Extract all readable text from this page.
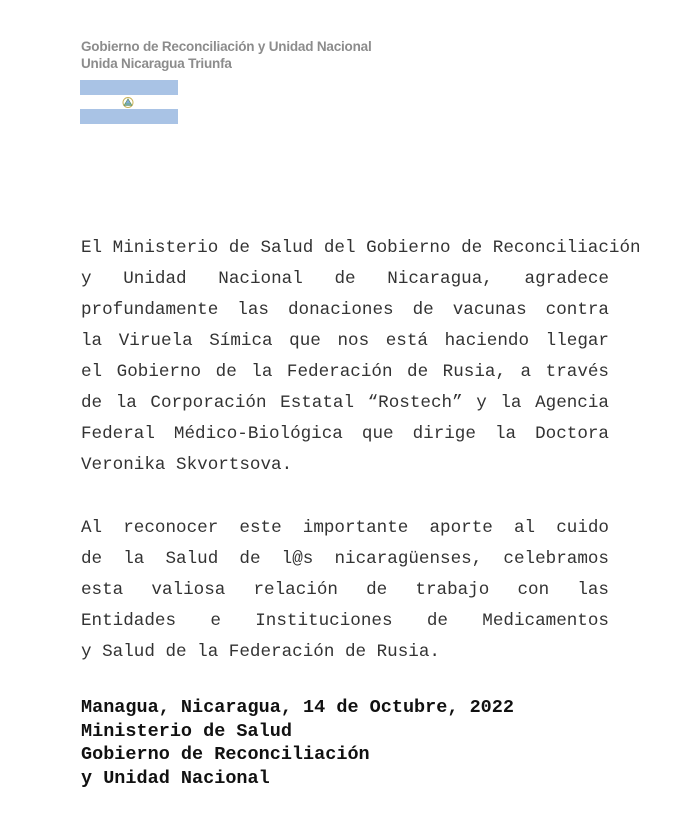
Gobierno de Reconciliación y Unidad Nacional
Unida Nicaragua Triunfa
El Ministerio de Salud del Gobierno de Reconciliación
y Unidad Nacional de Nicaragua, agradece
profundamente las donaciones de vacunas contra
la Viruela Símica que nos está haciendo llegar
el Gobierno de la Federación de Rusia, a través
de la Corporación Estatal “Rostech” y la Agencia
Federal Médico-Biológica que dirige la Doctora
Veronika Skvortsova.
Al reconocer este importante aporte al cuido
de la Salud de l@s nicaragüenses, celebramos
esta valiosa relación de trabajo con las
Entidades e Instituciones de Medicamentos
y Salud de la Federación de Rusia.
Managua, Nicaragua, 14 de Octubre, 2022
Ministerio de Salud
Gobierno de Reconciliación
y Unidad Nacional
